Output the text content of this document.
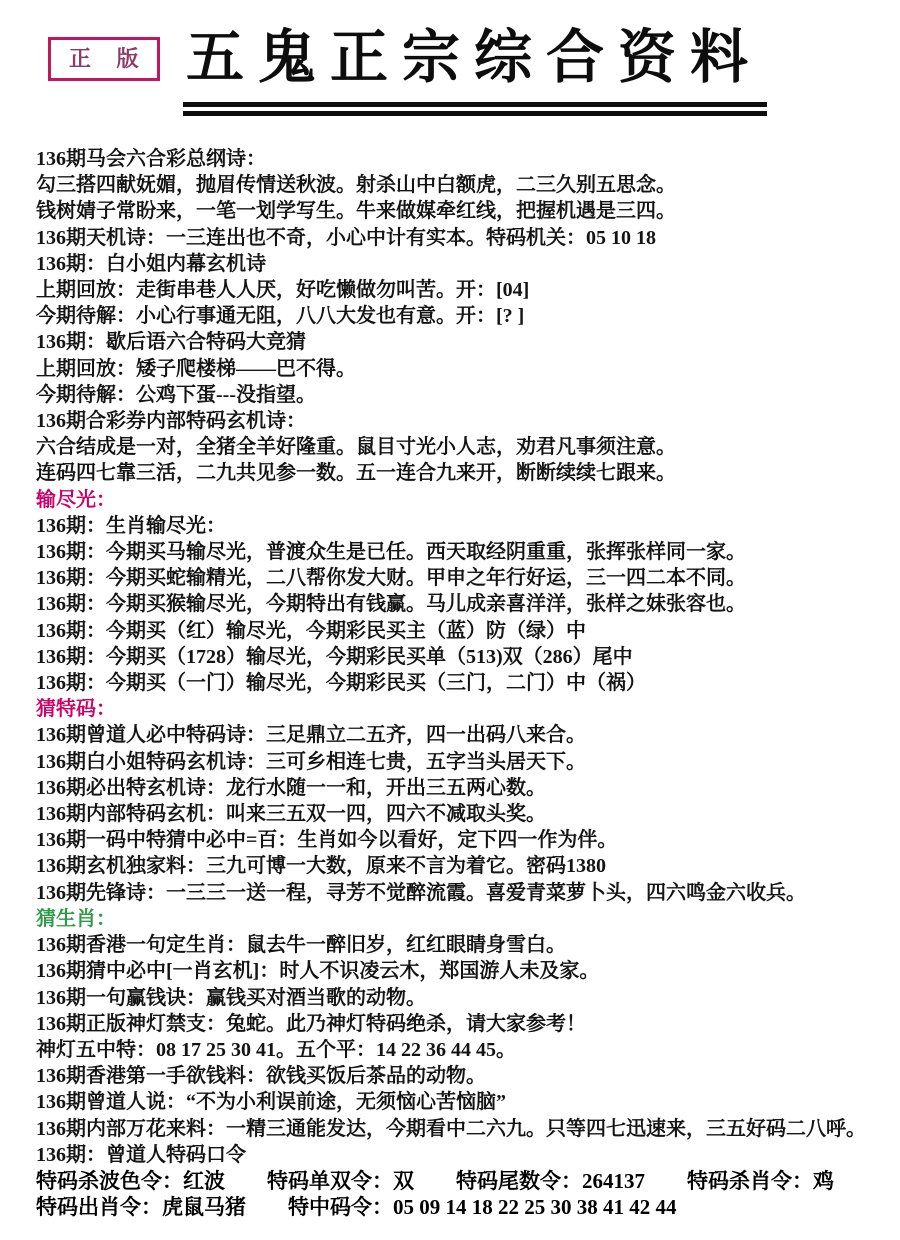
正 版 五鬼正宗综合资料
136期马会六合彩总纲诗：
勾三搭四献妩媚，抛眉传情送秋波。射杀山中白额虎，二三久别五思念。
钱树婧子常盼来，一笔一划学写生。牛来做媒牵红线，把握机遇是三四。
136期天机诗：一三连出也不奇，小心中计有实本。特码机关：05 10 18
136期：白小姐内幕玄机诗
上期回放：走街串巷人人厌，好吃懒做勿叫苦。开：[04]
今期待解：小心行事通无阻，八八大发也有意。开：[? ]
136期：歇后语六合特码大竞猜
上期回放：矮子爬楼梯——巴不得。
今期待解：公鸡下蛋---没指望。
136期合彩券内部特码玄机诗：
六合结成是一对，全猪全羊好隆重。鼠目寸光小人志，劝君凡事须注意。
连码四七靠三活，二九共见参一数。五一连合九来开，断断续续七跟来。
输尽光：
136期：生肖输尽光：
136期：今期买马输尽光，普渡众生是已任。西天取经阴重重，张挥张样同一家。
136期：今期买蛇输精光，二八帮你发大财。甲申之年行好运，三一四二本不同。
136期：今期买猴输尽光，今期特出有钱赢。马儿成亲喜洋洋，张样之妹张容也。
136期：今期买（红）输尽光，今期彩民买主（蓝）防（绿）中
136期：今期买（1728）输尽光，今期彩民买单（513)双（286）尾中
136期：今期买（一门）输尽光，今期彩民买（三门，二门）中（祸）
猜特码：
136期曾道人必中特码诗：三足鼎立二五齐，四一出码八来合。
136期白小姐特码玄机诗：三可乡相连七贵，五字当头居天下。
136期必出特玄机诗：龙行水随一一和，开出三五两心数。
136期内部特码玄机：叫来三五双一四，四六不减取头奖。
136期一码中特猜中必中=百：生肖如今以看好，定下四一作为伴。
136期玄机独家料：三九可博一大数，原来不言为着它。密码1380
136期先锋诗：一三三一送一程，寻芳不觉醉流霞。喜爱青菜萝卜头，四六鸣金六收兵。
猜生肖：
136期香港一句定生肖：鼠去牛一醉旧岁，红红眼睛身雪白。
136期猜中必中[一肖玄机]：时人不识凌云木，郑国游人未及家。
136期一句赢钱诀：赢钱买对酒当歌的动物。
136期正版神灯禁支：兔蛇。此乃神灯特码绝杀，请大家参考！
神灯五中特：08 17 25 30 41。五个平：14 22 36 44 45。
136期香港第一手欲钱料：欲钱买饭后茶品的动物。
136期曾道人说：“不为小利误前途，无须恼心苦恼脑”
136期内部万花来料：一精三通能发达，今期看中二六九。只等四七迅速来，三五好码二八呼。
136期：曾道人特码口令
特码杀波色令：红波　　特码单双令：双　　特码尾数令：264137　　特码杀肖令：鸡
特码出肖令：虎鼠马猪　　特中码令：05 09 14 18 22 25 30 38 41 42 44
